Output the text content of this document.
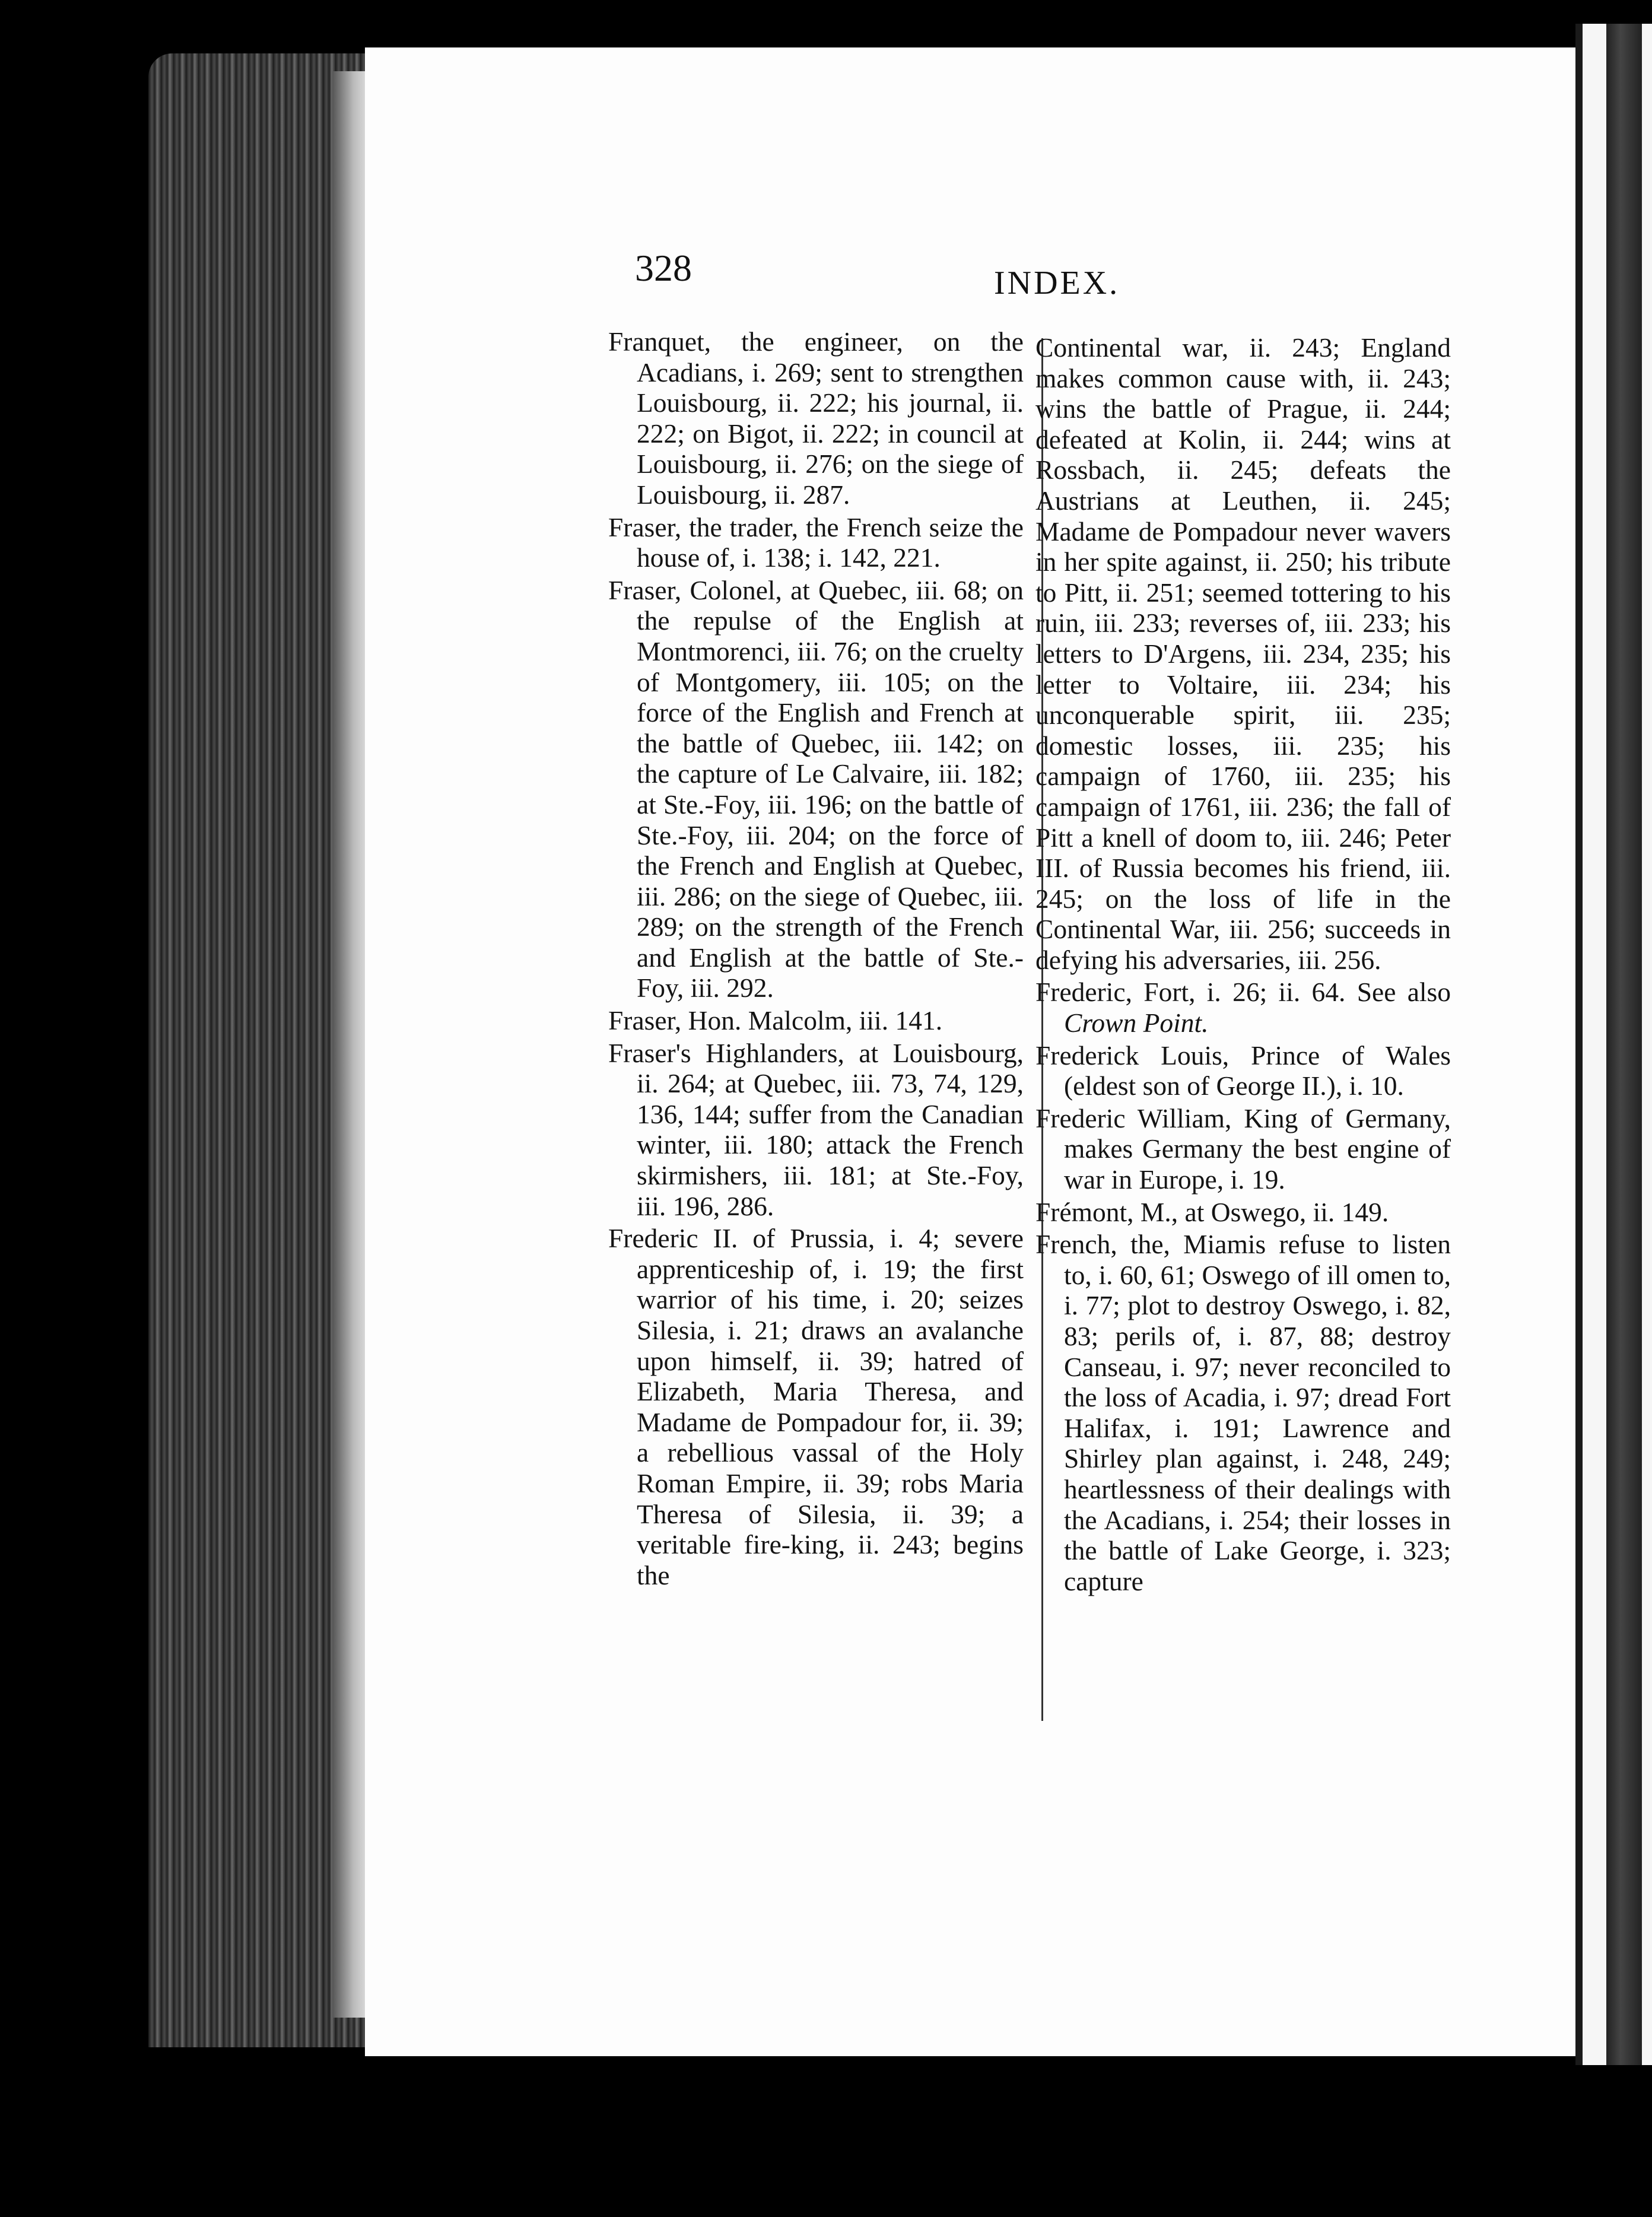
328	INDEX.

Franquet, the engineer, on the Acadians, i. 269; sent to strengthen Louisbourg, ii. 222; his journal, ii. 222; on Bigot, ii. 222; in council at Louisbourg, ii. 276; on the siege of Louisbourg, ii. 287.

Fraser, the trader, the French seize the house of, i. 138; i. 142, 221.

Fraser, Colonel, at Quebec, iii. 68; on the repulse of the English at Montmorenci, iii. 76; on the cruelty of Montgomery, iii. 105; on the force of the English and French at the battle of Quebec, iii. 142; on the capture of Le Calvaire, iii. 182; at Ste.-Foy, iii. 196; on the battle of Ste.-Foy, iii. 204; on the force of the French and English at Quebec, iii. 286; on the siege of Quebec, iii. 289; on the strength of the French and English at the battle of Ste.-Foy, iii. 292.

Fraser, Hon. Malcolm, iii. 141.

Fraser's Highlanders, at Louisbourg, ii. 264; at Quebec, iii. 73, 74, 129, 136, 144; suffer from the Canadian winter, iii. 180; attack the French skirmishers, iii. 181; at Ste.-Foy, iii. 196, 286.

Frederic II. of Prussia, i. 4; severe apprenticeship of, i. 19; the first warrior of his time, i. 20; seizes Silesia, i. 21; draws an avalanche upon himself, ii. 39; hatred of Elizabeth, Maria Theresa, and Madame de Pompadour for, ii. 39; a rebellious vassal of the Holy Roman Empire, ii. 39; robs Maria Theresa of Silesia, ii. 39; a veritable fire-king, ii. 243; begins the

Continental war, ii. 243; England makes common cause with, ii. 243; wins the battle of Prague, ii. 244; defeated at Kolin, ii. 244; wins at Rossbach, ii. 245; defeats the Austrians at Leuthen, ii. 245; Madame de Pompadour never wavers in her spite against, ii. 250; his tribute to Pitt, ii. 251; seemed tottering to his ruin, iii. 233; reverses of, iii. 233; his letters to D'Argens, iii. 234, 235; his letter to Voltaire, iii. 234; his unconquerable spirit, iii. 235; domestic losses, iii. 235; his campaign of 1760, iii. 235; his campaign of 1761, iii. 236; the fall of Pitt a knell of doom to, iii. 246; Peter III. of Russia becomes his friend, iii. 245; on the loss of life in the Continental War, iii. 256; succeeds in defying his adversaries, iii. 256.

Frederic, Fort, i. 26; ii. 64. See also Crown Point.

Frederick Louis, Prince of Wales (eldest son of George II.), i. 10.

Frederic William, King of Germany, makes Germany the best engine of war in Europe, i. 19.

Frémont, M., at Oswego, ii. 149.

French, the, Miamis refuse to listen to, i. 60, 61; Oswego of ill omen to, i. 77; plot to destroy Oswego, i. 82, 83; perils of, i. 87, 88; destroy Canseau, i. 97; never reconciled to the loss of Acadia, i. 97; dread Fort Halifax, i. 191; Lawrence and Shirley plan against, i. 248, 249; heartlessness of their dealings with the Acadians, i. 254; their losses in the battle of Lake George, i. 323; capture
